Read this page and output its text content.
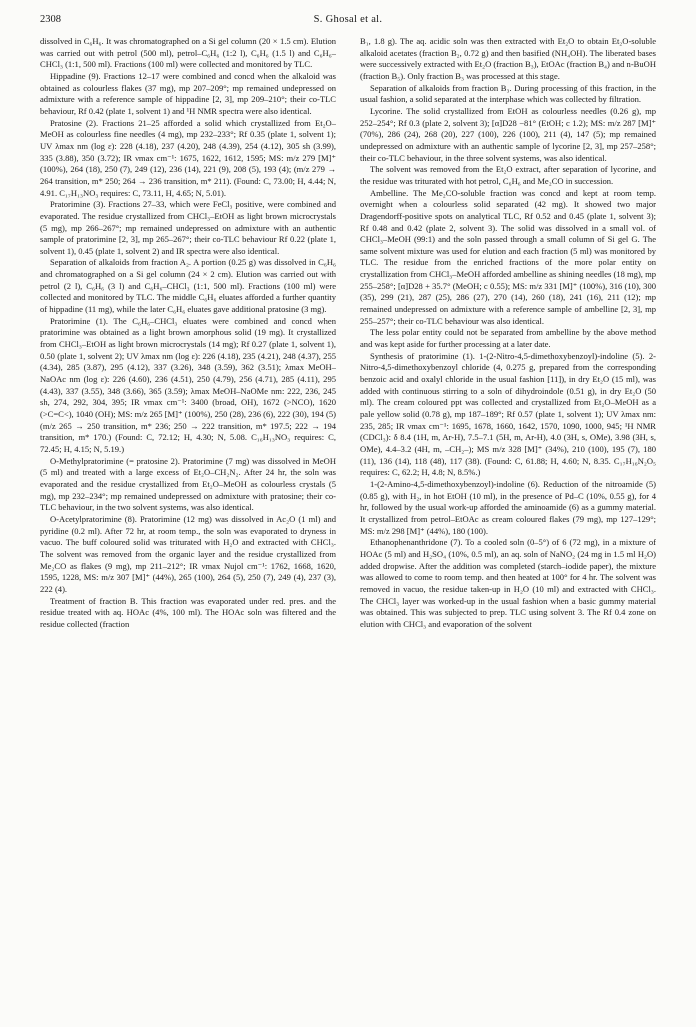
2308	S. Ghosal et al.

dissolved in C₆H₆. It was chromatographed on a Si gel column (20 × 1.5 cm). Elution was carried out with petrol (500 ml), petrol–C₆H₆ (1:2 l), C₆H₆ (1.5 l) and C₆H₆–CHCl₃ (1:1, 500 ml). Fractions (100 ml) were collected and monitored by TLC.

Hippadine (9). Fractions 12–17 were combined and concd when the alkaloid was obtained as colourless flakes (37 mg), mp 207–209°; mp remained undepressed on admixture with a reference sample of hippadine [2, 3], mp 209–210°; their co-TLC behaviour, Rf 0.42 (plate 1, solvent 1) and ¹H NMR spectra were also identical.

Pratosine (2). Fractions 21–25 afforded a solid which crystallized from Et₂O–MeOH as colourless fine needles (4 mg), mp 232–233°; Rf 0.35 (plate 1, solvent 1); UV λmax nm (log ε): 228 (4.18), 237 (4.20), 248 (4.39), 254 (4.12), 305 sh (3.99), 335 (3.88), 350 (3.72); IR νmax cm⁻¹: 1675, 1622, 1612, 1595; MS: m/z 279 [M]⁺ (100%), 264 (18), 250 (7), 249 (12), 236 (14), 221 (9), 208 (5), 193 (4); (m/z 279 → 264 transition, m* 250; 264 → 236 transition, m* 211). (Found: C, 73.00; H, 4.44; N, 4.91. C₁₇H₁₃NO₃ requires: C, 73.11, H, 4.65; N, 5.01).

Pratorimine (3). Fractions 27–33, which were FeCl₃ positive, were combined and evaporated. The residue crystallized from CHCl₃–EtOH as light brown microcrystals (5 mg), mp 266–267°; mp remained undepressed on admixture with an authentic sample of pratorimine [2, 3], mp 265–267°; their co-TLC behaviour Rf 0.22 (plate 1, solvent 1), 0.45 (plate 1, solvent 2) and IR spectra were also identical.

Separation of alkaloids from fraction A₂. A portion (0.25 g) was dissolved in C₆H₆ and chromatographed on a Si gel column (24 × 2 cm). Elution was carried out with petrol (2 l), C₆H₆ (3 l) and C₆H₆–CHCl₃ (1:1, 500 ml). Fractions (100 ml) were collected and monitored by TLC. The middle C₆H₆ eluates afforded a further quantity of hippadine (11 mg), while the later C₆H₆ eluates gave additional pratosine (3 mg).

Pratorimine (1). The C₆H₆–CHCl₃ eluates were combined and concd when pratorimine was obtained as a light brown amorphous solid (19 mg). It crystallized from CHCl₃–EtOH as light brown microcrystals (14 mg); Rf 0.27 (plate 1, solvent 1), 0.50 (plate 1, solvent 2); UV λmax nm (log ε): 226 (4.18), 235 (4.21), 248 (4.37), 255 (4.34), 285 (3.87), 295 (4.12), 337 (3.26), 348 (3.59), 362 (3.51); λmax MeOH–NaOAc nm (log ε): 226 (4.60), 236 (4.51), 250 (4.79), 256 (4.71), 285 (4.11), 295 (4.43), 337 (3.55), 348 (3.66), 365 (3.59); λmax MeOH–NaOMe nm: 222, 236, 245 sh, 274, 292, 304, 395; IR νmax cm⁻¹: 3400 (broad, OH), 1672 (>NCO), 1620 (>C=C<), 1040 (OH); MS: m/z 265 [M]⁺ (100%), 250 (28), 236 (6), 222 (30), 194 (5) (m/z 265 → 250 transition, m* 236; 250 → 222 transition, m* 197.5; 222 → 194 transition, m* 170.) (Found: C, 72.12; H, 4.30; N, 5.08. C₁₆H₁₃NO₃ requires: C, 72.45; H, 4.15; N, 5.19.)

O-Methylpratorimine (= pratosine 2). Pratorimine (7 mg) was dissolved in MeOH (5 ml) and treated with a large excess of Et₂O–CH₂N₂. After 24 hr, the soln was evaporated and the residue crystallized from Et₂O–MeOH as colourless crystals (5 mg), mp 232–234°; mp remained undepressed on admixture with pratosine; their co-TLC behaviour, in the two solvent systems, was also identical.

O-Acetylpratorimine (8). Pratorimine (12 mg) was dissolved in Ac₂O (1 ml) and pyridine (0.2 ml). After 72 hr, at room temp., the soln was evaporated to dryness in vacuo. The buff coloured solid was triturated with H₂O and extracted with CHCl₃. The solvent was removed from the organic layer and the residue crystallized from Me₂CO as flakes (9 mg), mp 211–212°; IR νmax Nujol cm⁻¹: 1762, 1668, 1620, 1595, 1228, MS: m/z 307 [M]⁺ (44%), 265 (100), 264 (5), 250 (7), 249 (4), 237 (3), 222 (4).

Treatment of fraction B. This fraction was evaporated under red. pres. and the residue treated with aq. HOAc (4%, 100 ml). The HOAc soln was filtered and the residue collected (fraction

B₁, 1.8 g). The aq. acidic soln was then extracted with Et₂O to obtain Et₂O-soluble alkaloid acetates (fraction B₂, 0.72 g) and then basified (NH₄OH). The liberated bases were successively extracted with Et₂O (fraction B₃), EtOAc (fraction B₄) and n-BuOH (fraction B₅). Only fraction B₃ was processed at this stage.

Separation of alkaloids from fraction B₃. During processing of this fraction, in the usual fashion, a solid separated at the interphase which was collected by filtration.

Lycorine. The solid crystallized from EtOH as colourless needles (0.26 g), mp 252–254°; Rf 0.3 (plate 2, solvent 3); [α]D28 −81° (EtOH; c 1.2); MS: m/z 287 [M]⁺ (70%), 286 (24), 268 (20), 227 (100), 226 (100), 211 (4), 147 (5); mp remained undepressed on admixture with an authentic sample of lycorine [2, 3], mp 257–258°; their co-TLC behaviour, in the three solvent systems, was also identical.

The solvent was removed from the Et₂O extract, after separation of lycorine, and the residue was triturated with hot petrol, C₆H₆ and Me₂CO in succession.

Ambelline. The Me₂CO-soluble fraction was concd and kept at room temp. overnight when a colourless solid separated (42 mg). It showed two major Dragendorff-positive spots on analytical TLC, Rf 0.52 and 0.45 (plate 1, solvent 3); Rf 0.48 and 0.42 (plate 2, solvent 3). The solid was dissolved in a small vol. of CHCl₃–MeOH (99:1) and the soln passed through a small column of Si gel G. The same solvent mixture was used for elution and each fraction (5 ml) was monitored by TLC. The residue from the enriched fractions of the more polar entity on crystallization from CHCl₃–MeOH afforded ambelline as shining needles (18 mg), mp 255–258°; [α]D28 + 35.7° (MeOH; c 0.55); MS: m/z 331 [M]⁺ (100%), 316 (10), 300 (35), 299 (21), 287 (25), 286 (27), 270 (14), 260 (18), 241 (16), 211 (12); mp remained undepressed on admixture with a reference sample of ambelline [2, 3], mp 255–257°; their co-TLC behaviour was also identical.

The less polar entity could not be separated from ambelline by the above method and was kept aside for further processing at a later date.

Synthesis of pratorimine (1). 1-(2-Nitro-4,5-dimethoxybenzoyl)-indoline (5). 2-Nitro-4,5-dimethoxybenzoyl chloride (4, 0.275 g, prepared from the corresponding benzoic acid and oxalyl chloride in the usual fashion [11]), in dry Et₂O (15 ml), was added with continuous stirring to a soln of dihydroindole (0.51 g), in dry Et₂O (50 ml). The cream coloured ppt was collected and crystallized from Et₂O–MeOH as a pale yellow solid (0.78 g), mp 187–189°; Rf 0.57 (plate 1, solvent 1); UV λmax nm: 235, 285; IR νmax cm⁻¹: 1695, 1678, 1660, 1642, 1570, 1090, 1000, 945; ¹H NMR (CDCl₃): δ 8.4 (1H, m, Ar-H), 7.5–7.1 (5H, m, Ar-H), 4.0 (3H, s, OMe), 3.98 (3H, s, OMe), 4.4–3.2 (4H, m, –CH₂–); MS m/z 328 [M]⁺ (34%), 210 (100), 195 (7), 180 (11), 136 (14), 118 (48), 117 (38). (Found: C, 61.88; H, 4.60; N, 8.35. C₁₇H₁₆N₂O₅ requires: C, 62.2; H, 4.8; N, 8.5%.)

1-(2-Amino-4,5-dimethoxybenzoyl)-indoline (6). Reduction of the nitroamide (5) (0.85 g), with H₂, in hot EtOH (10 ml), in the presence of Pd–C (10%, 0.55 g), for 4 hr, followed by the usual work-up afforded the aminoamide (6) as a gummy material. It crystallized from petrol–EtOAc as cream coloured flakes (79 mg), mp 127–129°; MS: m/z 298 [M]⁺ (44%), 180 (100).

Ethanophenanthridone (7). To a cooled soln (0–5°) of 6 (72 mg), in a mixture of HOAc (5 ml) and H₂SO₄ (10%, 0.5 ml), an aq. soln of NaNO₂ (24 mg in 1.5 ml H₂O) added dropwise. After the addition was completed (starch–iodide paper), the mixture was allowed to come to room temp. and then heated at 100° for 4 hr. The solvent was removed in vacuo, the residue taken-up in H₂O (10 ml) and extracted with CHCl₃. The CHCl₃ layer was worked-up in the usual fashion when a basic gummy material was obtained. This was subjected to prep. TLC using solvent 3. The Rf 0.4 zone on elution with CHCl₃ and evaporation of the solvent
